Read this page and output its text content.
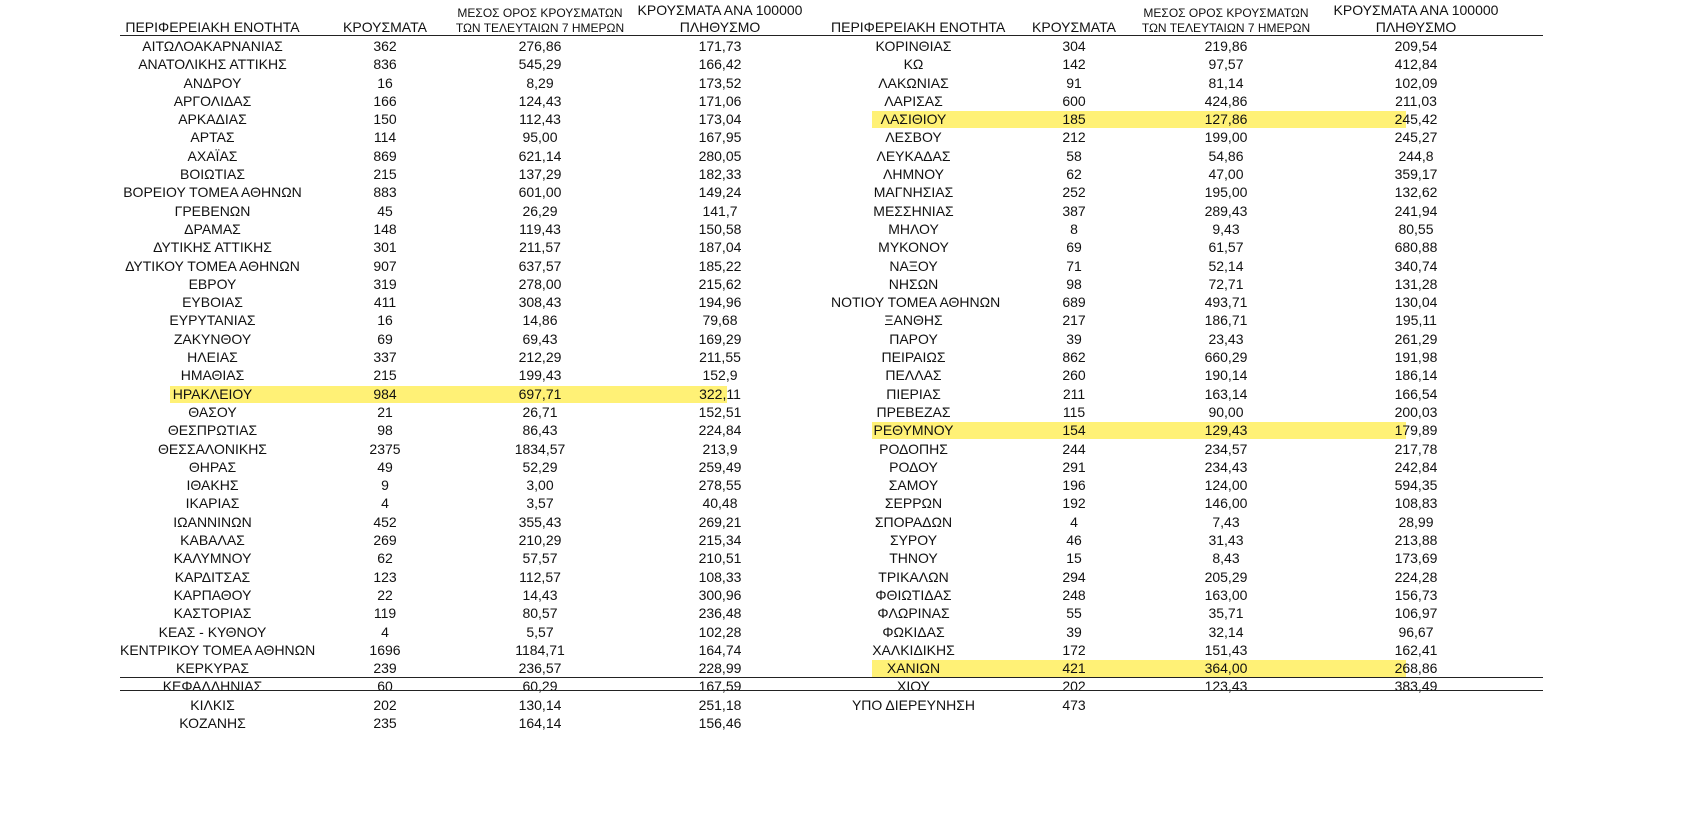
ΠΕΡΙΦΕΡΕΙΑΚΗ ΕΝΟΤΗΤΑ	ΚΡΟΥΣΜΑΤΑ
ΜΕΣΟΣ ΟΡΟΣ ΚΡΟΥΣΜΑΤΩΝ
ΤΩΝ ΤΕΛΕΥΤΑΙΩΝ 7 ΗΜΕΡΩΝ
ΚΡΟΥΣΜΑΤΑ ΑΝΑ 100000
ΠΛΗΘΥΣΜΟ
ΑΙΤΩΛΟΑΚΑΡΝΑΝΙΑΣ	362	276,86	171,73
ΑΝΑΤΟΛΙΚΗΣ ΑΤΤΙΚΗΣ	836	545,29	166,42
ΑΝΔΡΟΥ	16	8,29	173,52
ΑΡΓΟΛΙΔΑΣ	166	124,43	171,06
ΑΡΚΑΔΙΑΣ	150	112,43	173,04
ΑΡΤΑΣ	114	95,00	167,95
ΑΧΑΪΑΣ	869	621,14	280,05
ΒΟΙΩΤΙΑΣ	215	137,29	182,33
ΒΟΡΕΙΟΥ ΤΟΜΕΑ ΑΘΗΝΩΝ	883	601,00	149,24
ΓΡΕΒΕΝΩΝ	45	26,29	141,7
ΔΡΑΜΑΣ	148	119,43	150,58
ΔΥΤΙΚΗΣ ΑΤΤΙΚΗΣ	301	211,57	187,04
ΔΥΤΙΚΟΥ ΤΟΜΕΑ ΑΘΗΝΩΝ	907	637,57	185,22
ΕΒΡΟΥ	319	278,00	215,62
ΕΥΒΟΙΑΣ	411	308,43	194,96
ΕΥΡΥΤΑΝΙΑΣ	16	14,86	79,68
ΖΑΚΥΝΘΟΥ	69	69,43	169,29
ΗΛΕΙΑΣ	337	212,29	211,55
ΗΜΑΘΙΑΣ	215	199,43	152,9
ΗΡΑΚΛΕΙΟΥ	984	697,71	322,11
ΘΑΣΟΥ	21	26,71	152,51
ΘΕΣΠΡΩΤΙΑΣ	98	86,43	224,84
ΘΕΣΣΑΛΟΝΙΚΗΣ	2375	1834,57	213,9
ΘΗΡΑΣ	49	52,29	259,49
ΙΘΑΚΗΣ	9	3,00	278,55
ΙΚΑΡΙΑΣ	4	3,57	40,48
ΙΩΑΝΝΙΝΩΝ	452	355,43	269,21
ΚΑΒΑΛΑΣ	269	210,29	215,34
ΚΑΛΥΜΝΟΥ	62	57,57	210,51
ΚΑΡΔΙΤΣΑΣ	123	112,57	108,33
ΚΑΡΠΑΘΟΥ	22	14,43	300,96
ΚΑΣΤΟΡΙΑΣ	119	80,57	236,48
ΚΕΑΣ - ΚΥΘΝΟΥ	4	5,57	102,28
ΚΕΝΤΡΙΚΟΥ ΤΟΜΕΑ ΑΘΗΝΩΝ	1696	1184,71	164,74
ΚΕΡΚΥΡΑΣ	239	236,57	228,99
ΚΕΦΑΛΛΗΝΙΑΣ	60	60,29	167,59
ΚΙΛΚΙΣ	202	130,14	251,18
ΚΟΖΑΝΗΣ	235	164,14	156,46
ΠΕΡΙΦΕΡΕΙΑΚΗ ΕΝΟΤΗΤΑ	ΚΡΟΥΣΜΑΤΑ
ΜΕΣΟΣ ΟΡΟΣ ΚΡΟΥΣΜΑΤΩΝ
ΤΩΝ ΤΕΛΕΥΤΑΙΩΝ 7 ΗΜΕΡΩΝ
ΚΡΟΥΣΜΑΤΑ ΑΝΑ 100000
ΠΛΗΘΥΣΜΟ
ΚΟΡΙΝΘΙΑΣ	304	219,86	209,54
ΚΩ	142	97,57	412,84
ΛΑΚΩΝΙΑΣ	91	81,14	102,09
ΛΑΡΙΣΑΣ	600	424,86	211,03
ΛΑΣΙΘΙΟΥ	185	127,86	245,42
ΛΕΣΒΟΥ	212	199,00	245,27
ΛΕΥΚΑΔΑΣ	58	54,86	244,8
ΛΗΜΝΟΥ	62	47,00	359,17
ΜΑΓΝΗΣΙΑΣ	252	195,00	132,62
ΜΕΣΣΗΝΙΑΣ	387	289,43	241,94
ΜΗΛΟΥ	8	9,43	80,55
ΜΥΚΟΝΟΥ	69	61,57	680,88
ΝΑΞΟΥ	71	52,14	340,74
ΝΗΣΩΝ	98	72,71	131,28
ΝΟΤΙΟΥ ΤΟΜΕΑ ΑΘΗΝΩΝ	689	493,71	130,04
ΞΑΝΘΗΣ	217	186,71	195,11
ΠΑΡΟΥ	39	23,43	261,29
ΠΕΙΡΑΙΩΣ	862	660,29	191,98
ΠΕΛΛΑΣ	260	190,14	186,14
ΠΙΕΡΙΑΣ	211	163,14	166,54
ΠΡΕΒΕΖΑΣ	115	90,00	200,03
ΡΕΘΥΜΝΟΥ	154	129,43	179,89
ΡΟΔΟΠΗΣ	244	234,57	217,78
ΡΟΔΟΥ	291	234,43	242,84
ΣΑΜΟΥ	196	124,00	594,35
ΣΕΡΡΩΝ	192	146,00	108,83
ΣΠΟΡΑΔΩΝ	4	7,43	28,99
ΣΥΡΟΥ	46	31,43	213,88
ΤΗΝΟΥ	15	8,43	173,69
ΤΡΙΚΑΛΩΝ	294	205,29	224,28
ΦΘΙΩΤΙΔΑΣ	248	163,00	156,73
ΦΛΩΡΙΝΑΣ	55	35,71	106,97
ΦΩΚΙΔΑΣ	39	32,14	96,67
ΧΑΛΚΙΔΙΚΗΣ	172	151,43	162,41
ΧΑΝΙΩΝ	421	364,00	268,86
ΧΙΟΥ	202	123,43	383,49
ΥΠΟ ΔΙΕΡΕΥΝΗΣΗ	473
